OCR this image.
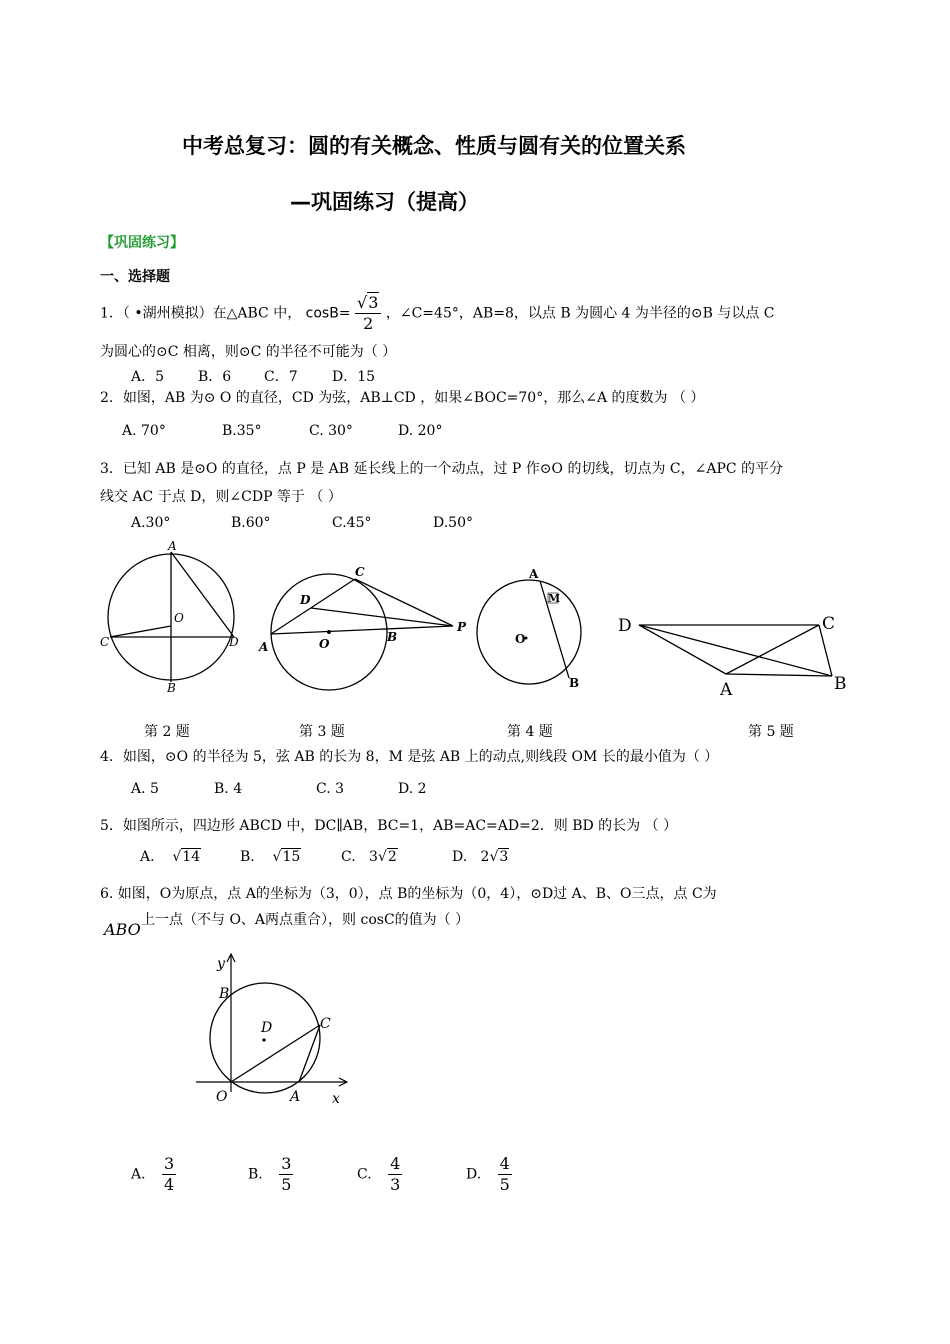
中考总复习：圆的有关概念、性质与圆有关的位置关系
—巩固练习（提高）
【巩固练习】
一、选择题
1．（ •湖州模拟）在△ABC 中， $\cos B= \frac{√3}{2}$ ，∠C=45°，AB=8，以点 B 为圆心 4 为半径的⊙B 与以点 C
为圆心的⊙C 相离，则⊙C 的半径不可能为（ ）
A．5 B．6 C．7 D．15
2．如图，AB 为⊙ O 的直径，CD 为弦，AB⊥CD ，如果∠BOC=70°，那么∠A 的度数为 （ ）
A. 70°	B.35°	C. 30°	D. 20°
3．已知 AB 是⊙O 的直径，点 P 是 AB 延长线上的一个动点，过 P 作⊙O 的切线，切点为 C，∠APC 的平分
线交 AC 于点 D，则∠CDP 等于 （ ）
A.30°	B.60°	C.45°	D.50°
A
O
C	D
B
C
D
A	O	B
P
A
M
O
B
D	C
A	B
第 2 题	第 3 题	第 4 题	第 5 题
4．如图，⊙O 的半径为 5，弦 AB 的长为 8，M 是弦 AB 上的动点,则线段 OM 长的最小值为（ ）
A. 5	B. 4	C. 3	D. 2
5．如图所示，四边形 ABCD 中，DC∥AB，BC=1，AB=AC=AD=2．则 BD 的长为 （ ）
A.    √14	B.    √15	C. 3√2	D. 2√3
6. 如图，O为原点，点 A的坐标为（3，0），点 B的坐标为（0，4），⊙D过 A、B、O三点，点 C为
上一点（不与 O、A两点重合），则 cosC的值为（ ）
ABO
y
B
D	C
O	A x
A. $\frac{3}{4}$	B. $\frac{3}{5}$	C. $\frac{4}{3}$	D. $\frac{4}{5}$
